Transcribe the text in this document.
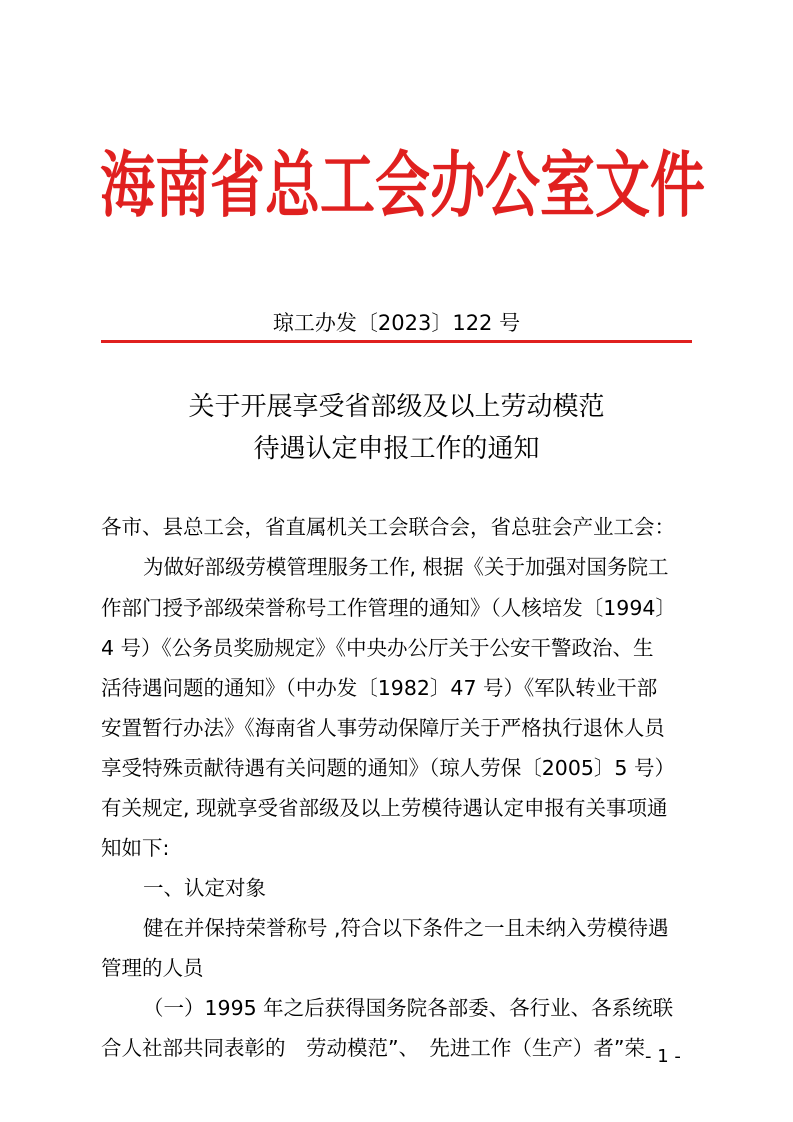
海南省总工会办公室文件
琼工办发〔2023〕122 号
关于开展享受省部级及以上劳动模范
待遇认定申报工作的通知
各市、县总工会，省直属机关工会联合会，省总驻会产业工会：
为做好部级劳模管理服务工作, 根据《关于加强对国务院工
作部门授予部级荣誉称号工作管理的通知》（人核培发〔1994〕
4 号）《公务员奖励规定》《中央办公厅关于公安干警政治、生
活待遇问题的通知》（中办发〔1982〕47 号）《军队转业干部
安置暂行办法》《海南省人事劳动保障厅关于严格执行退休人员
享受特殊贡献待遇有关问题的通知》（琼人劳保〔2005〕5 号）
有关规定, 现就享受省部级及以上劳模待遇认定申报有关事项通
知如下:
一、认定对象
健在并保持荣誉称号 ,符合以下条件之一且未纳入劳模待遇
管理的人员
（一）1995 年之后获得国务院各部委、各行业、各系统联
合人社部共同表彰的　劳动模范”、　先进工作（生产）者”荣 - 1 -
